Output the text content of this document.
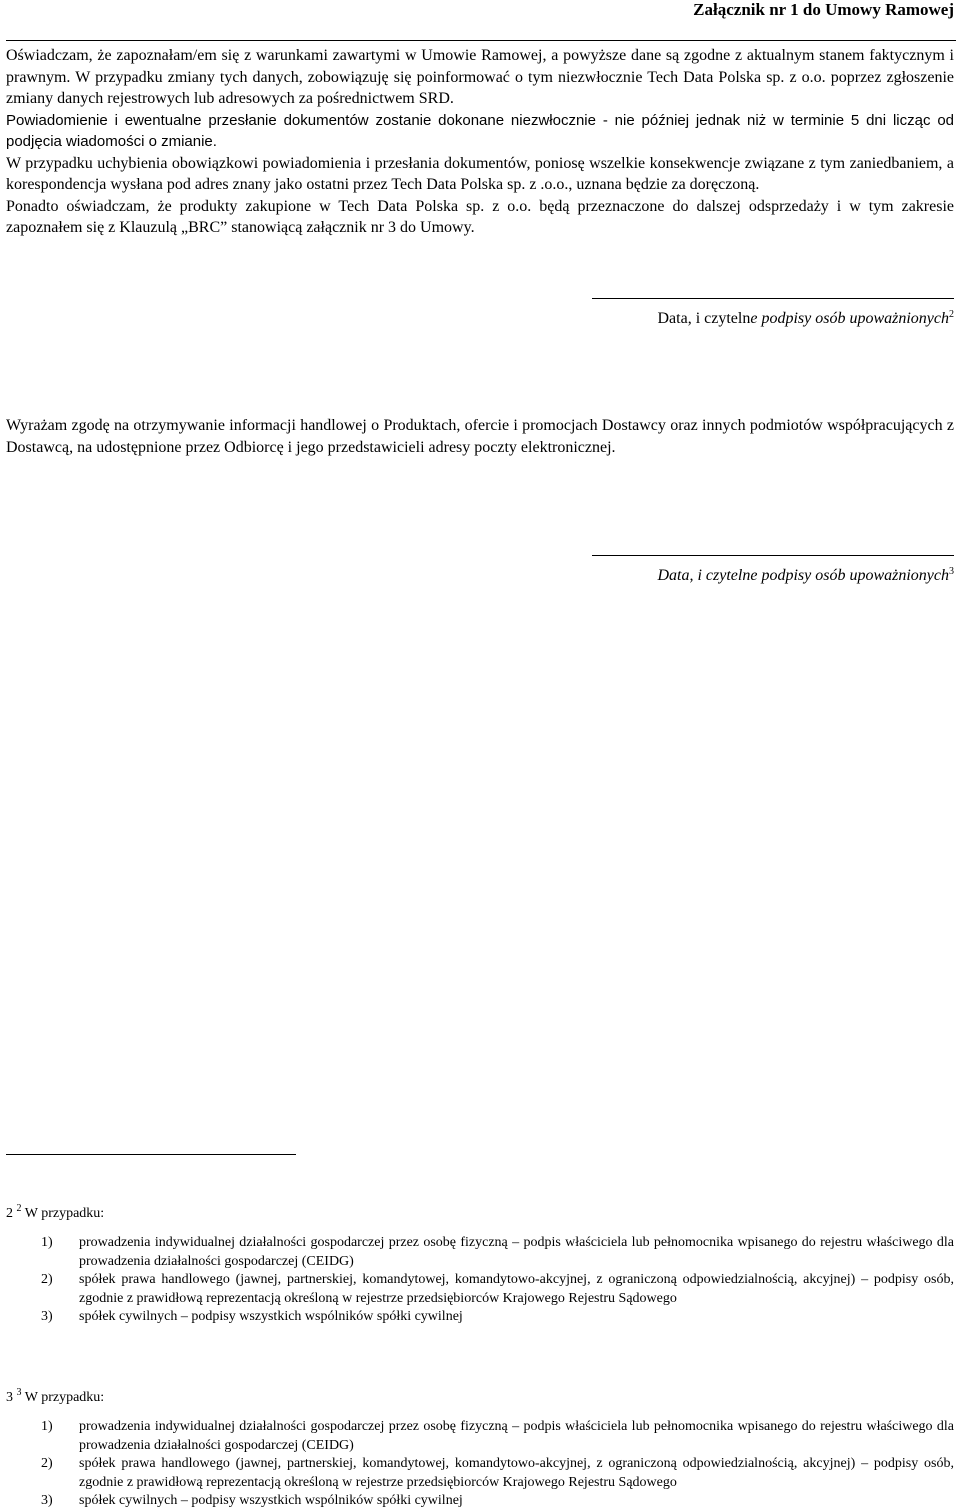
Załącznik nr 1 do Umowy Ramowej

Oświadczam, że zapoznałam/em się z warunkami zawartymi w Umowie Ramowej, a powyższe dane są zgodne z aktualnym stanem faktycznym i prawnym. W przypadku zmiany tych danych, zobowiązuję się poinformować o tym niezwłocznie Tech Data Polska sp. z o.o. poprzez zgłoszenie zmiany danych rejestrowych lub adresowych za pośrednictwem SRD.

Powiadomienie i ewentualne przesłanie dokumentów zostanie dokonane niezwłocznie - nie później jednak niż w terminie 5 dni licząc od podjęcia wiadomości o zmianie.

W przypadku uchybienia obowiązkowi powiadomienia i przesłania dokumentów, poniosę wszelkie konsekwencje związane z tym zaniedbaniem, a korespondencja wysłana pod adres znany jako ostatni przez Tech Data Polska sp. z .o.o., uznana będzie za doręczoną.

Ponadto oświadczam, że produkty zakupione w Tech Data Polska sp. z o.o. będą przeznaczone do dalszej odsprzedaży i w tym zakresie zapoznałem się z Klauzulą „BRC” stanowiącą załącznik nr 3 do Umowy.

Data, i czytelne podpisy osób upoważnionych$^2$
Wyrażam zgodę na otrzymywanie informacji handlowej o Produktach, ofercie i promocjach Dostawcy oraz innych podmiotów współpracujących z Dostawcą, na udostępnione przez Odbiorcę i jego przedstawicieli adresy poczty elektronicznej.
Data, i czytelne podpisy osób upoważnionych$^3$
2 $^2$ W przypadku:
1) prowadzenia indywidualnej działalności gospodarczej przez osobę fizyczną – podpis właściciela lub pełnomocnika wpisanego do rejestru właściwego dla prowadzenia działalności gospodarczej (CEIDG)
2) spółek prawa handlowego (jawnej, partnerskiej, komandytowej, komandytowo-akcyjnej, z ograniczoną odpowiedzialnością, akcyjnej) – podpisy osób, zgodnie z prawidłową reprezentacją określoną w rejestrze przedsiębiorców Krajowego Rejestru Sądowego
3) spółek cywilnych – podpisy wszystkich wspólników spółki cywilnej
3 $^3$ W przypadku:
1) prowadzenia indywidualnej działalności gospodarczej przez osobę fizyczną – podpis właściciela lub pełnomocnika wpisanego do rejestru właściwego dla prowadzenia działalności gospodarczej (CEIDG)
2) spółek prawa handlowego (jawnej, partnerskiej, komandytowej, komandytowo-akcyjnej, z ograniczoną odpowiedzialnością, akcyjnej) – podpisy osób, zgodnie z prawidłową reprezentacją określoną w rejestrze przedsiębiorców Krajowego Rejestru Sądowego
3) spółek cywilnych – podpisy wszystkich wspólników spółki cywilnej
